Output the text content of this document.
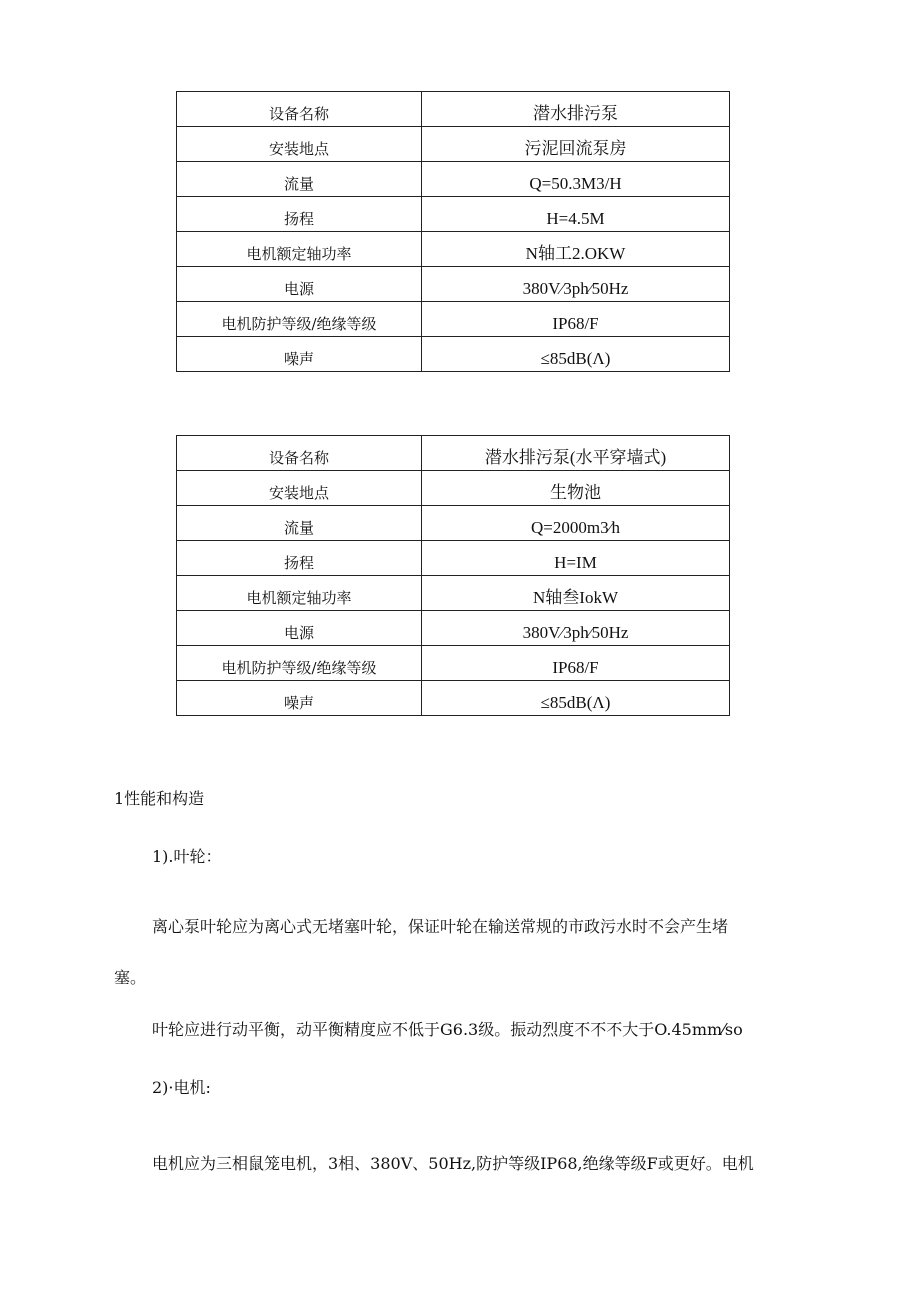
设备名称	潜水排污泵
安装地点	污泥回流泵房
流量	Q=50.3M3/H
扬程	H=4.5M
电机额定轴功率	N轴工2.OKW
电源	380V⁄3ph⁄50Hz
电机防护等级/绝缘等级	IP68/F
噪声	≤85dB(Λ)
设备名称	潜水排污泵(水平穿墙式)
安装地点	生物池
流量	Q=2000m3⁄h
扬程	H=IM
电机额定轴功率	N轴叁IokW
电源	380V⁄3ph⁄50Hz
电机防护等级/绝缘等级	IP68/F
噪声	≤85dB(Λ)
1性能和构造
1).叶轮：
离心泵叶轮应为离心式无堵塞叶轮，保证叶轮在输送常规的市政污水时不会产生堵
塞。
叶轮应进行动平衡，动平衡精度应不低于G6.3级。振动烈度不不不大于O.45mm⁄so
2)·电机:
电机应为三相鼠笼电机，3相、380V、50Hz,防护等级IP68,绝缘等级F或更好。电机
